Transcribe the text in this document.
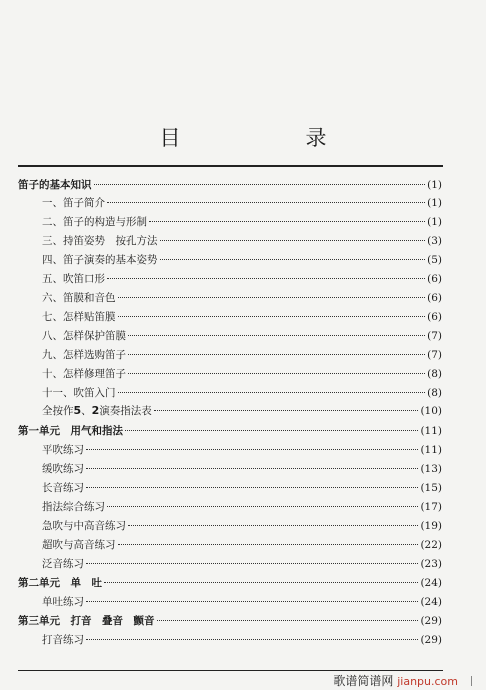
目　录
笛子的基本知识	(1)
一、笛子简介	(1)
二、笛子的构造与形制	(1)
三、持笛姿势　按孔方法	(3)
四、笛子演奏的基本姿势	(5)
五、吹笛口形	(6)
六、笛膜和音色	(6)
七、怎样贴笛膜	(6)
八、怎样保护笛膜	(7)
九、怎样选购笛子	(7)
十、怎样修理笛子	(8)
十一、吹笛入门	(8)
全按作5、2演奏指法表	(10)
第一单元　用气和指法	(11)
平吹练习	(11)
缓吹练习	(13)
长音练习	(15)
指法综合练习	(17)
急吹与中高音练习	(19)
超吹与高音练习	(22)
泛音练习	(23)
第二单元　单　吐	(24)
单吐练习	(24)
第三单元　打音　叠音　颤音	(29)
打音练习	(29)
歌谱简谱网 jianpu.com
